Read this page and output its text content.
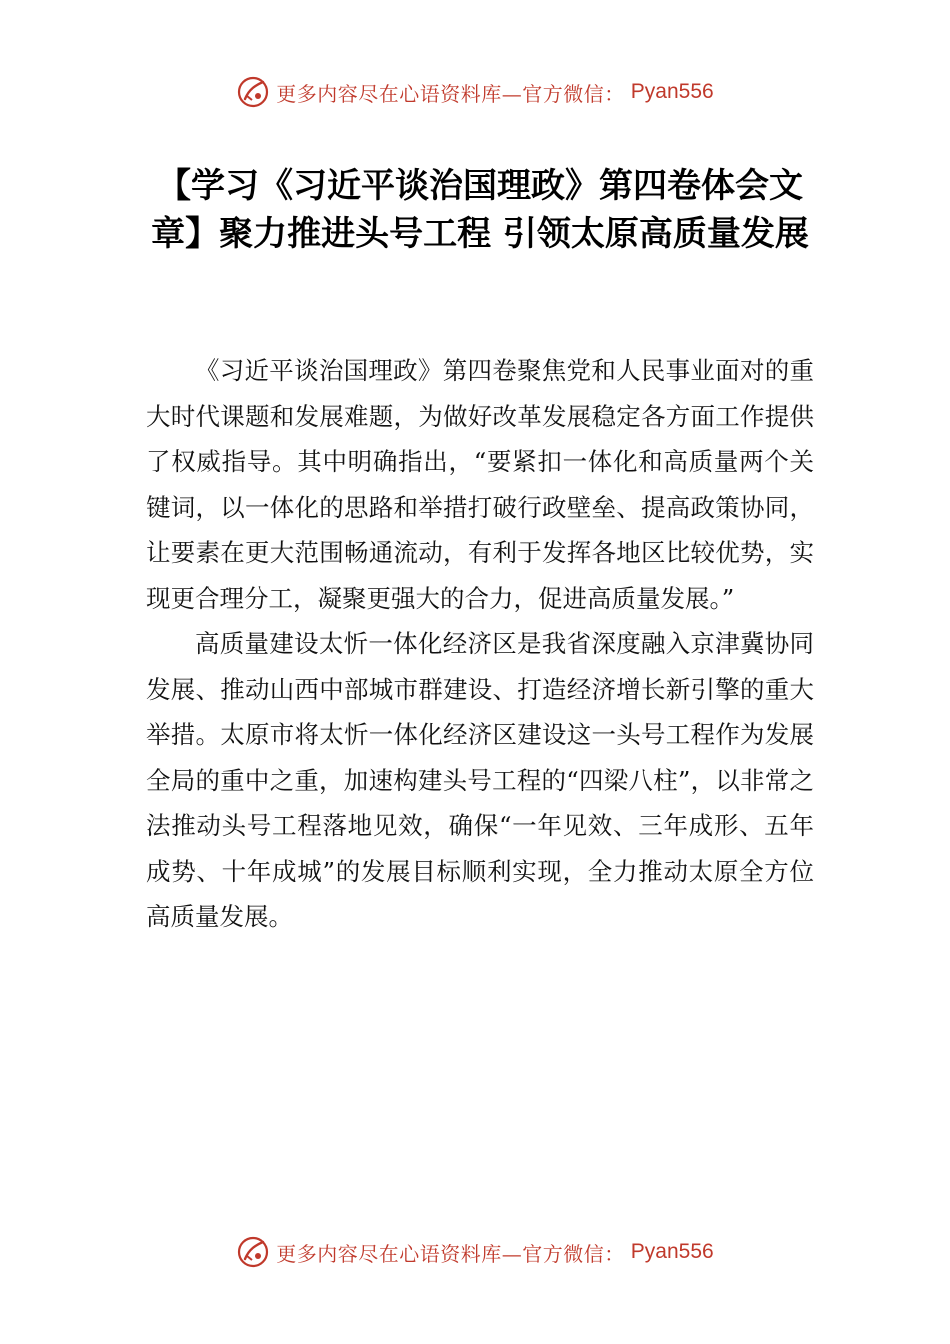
更多内容尽在心语资料库—官方微信： Pyan556
【学习《习近平谈治国理政》第四卷体会文章】聚力推进头号工程 引领太原高质量发展

《习近平谈治国理政》第四卷聚焦党和人民事业面对的重大时代课题和发展难题，为做好改革发展稳定各方面工作提供了权威指导。其中明确指出，“要紧扣一体化和高质量两个关键词，以一体化的思路和举措打破行政壁垒、提高政策协同，让要素在更大范围畅通流动，有利于发挥各地区比较优势，实现更合理分工，凝聚更强大的合力，促进高质量发展。”

高质量建设太忻一体化经济区是我省深度融入京津冀协同发展、推动山西中部城市群建设、打造经济增长新引擎的重大举措。太原市将太忻一体化经济区建设这一头号工程作为发展全局的重中之重，加速构建头号工程的“四梁八柱”，以非常之法推动头号工程落地见效，确保“一年见效、三年成形、五年成势、十年成城”的发展目标顺利实现，全力推动太原全方位高质量发展。

更多内容尽在心语资料库—官方微信： Pyan556
